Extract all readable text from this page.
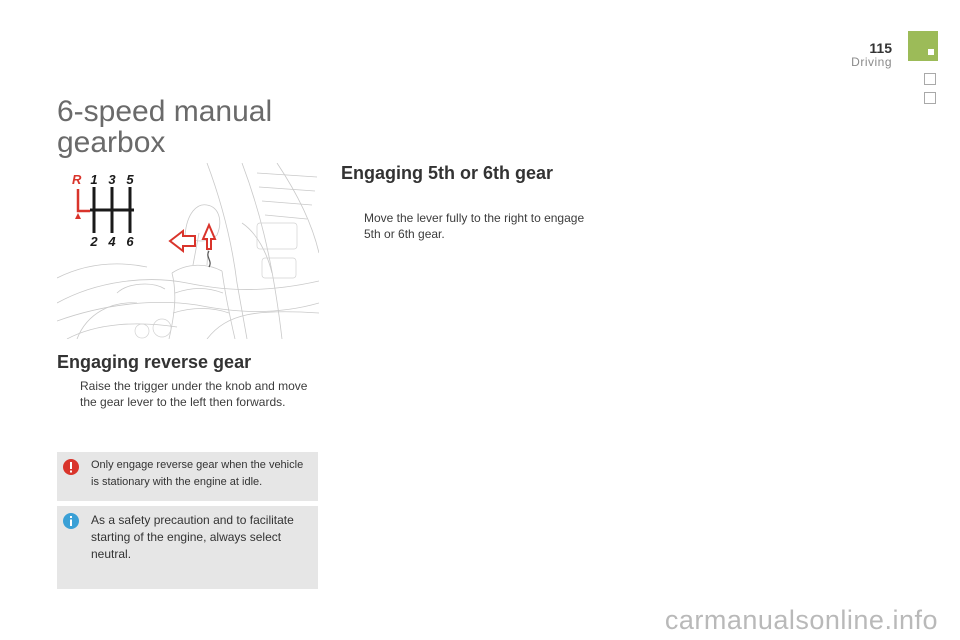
115
Driving
6-speed manual gearbox
R 1 3 5
2 4 6
Engaging reverse gear
Raise the trigger under the knob and move the gear lever to the left then forwards.
Only engage reverse gear when the vehicle is stationary with the engine at idle.
As a safety precaution and to facilitate starting of the engine, always select neutral.
Engaging 5th or 6th gear
Move the lever fully to the right to engage 5th or 6th gear.
carmanualsonline.info
